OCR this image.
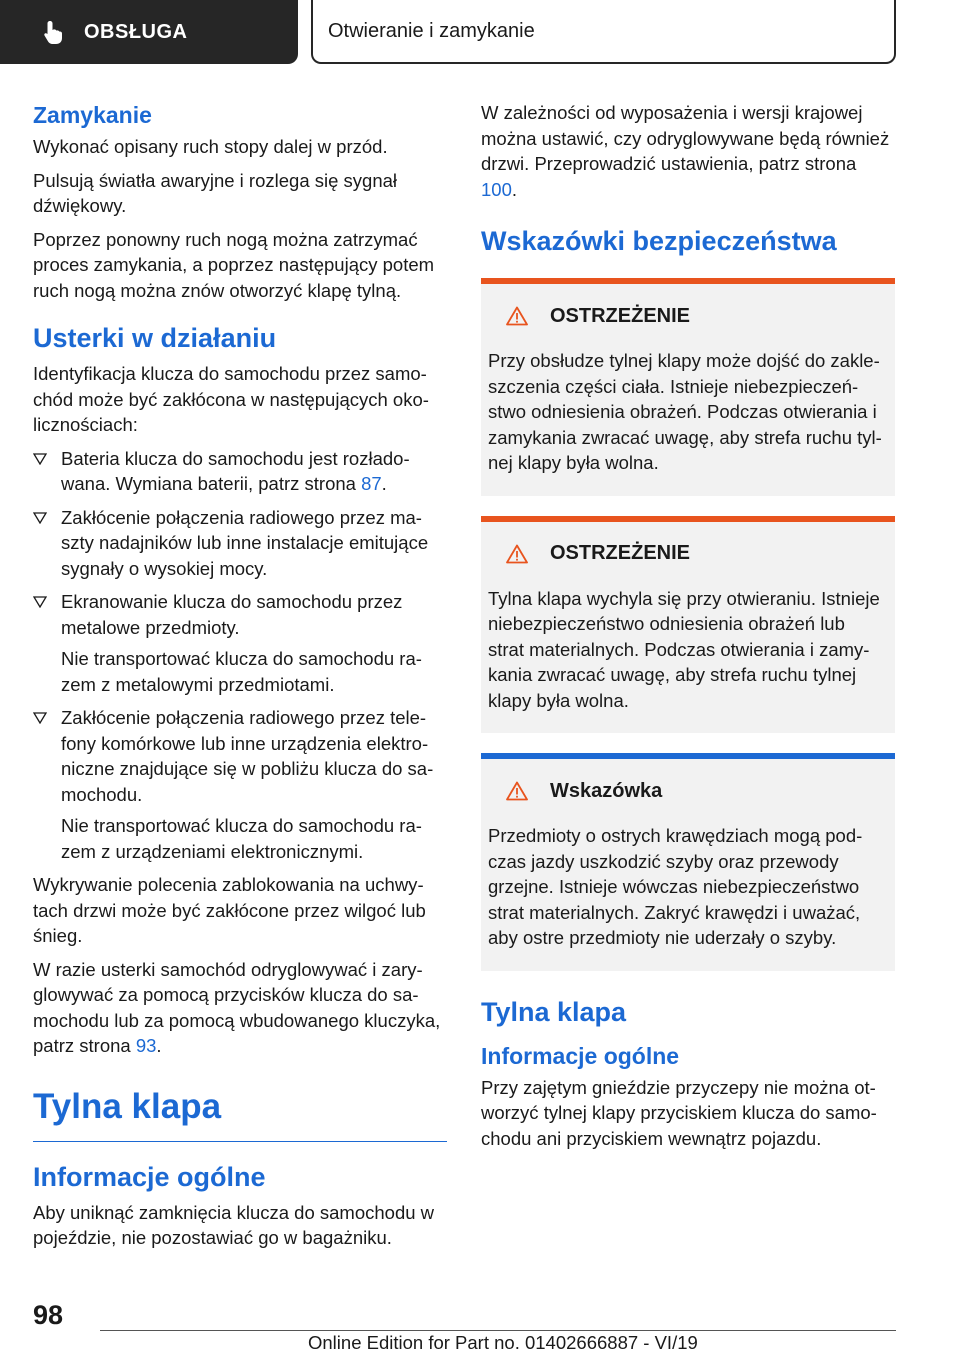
OBSŁUGA	Otwieranie i zamykanie
Zamykanie

Wykonać opisany ruch stopy dalej w przód.

Pulsują światła awaryjne i rozlega się sygnał dźwiękowy.

Poprzez ponowny ruch nogą można zatrzymać proces zamykania, a poprzez następujący potem ruch nogą można znów otworzyć klapę tylną.

Usterki w działaniu

Identyfikacja klucza do samochodu przez samochód może być zakłócona w następujących okolicznościach:

Bateria klucza do samochodu jest rozładowana. Wymiana baterii, patrz strona 87.

Zakłócenie połączenia radiowego przez maszty nadajników lub inne instalacje emitujące sygnały o wysokiej mocy.

Ekranowanie klucza do samochodu przez metalowe przedmioty.

Nie transportować klucza do samochodu razem z metalowymi przedmiotami.

Zakłócenie połączenia radiowego przez telefony komórkowe lub inne urządzenia elektroniczne znajdujące się w pobliżu klucza do samochodu.

Nie transportować klucza do samochodu razem z urządzeniami elektronicznymi.

Wykrywanie polecenia zablokowania na uchwytach drzwi może być zakłócone przez wilgoć lub śnieg.

W razie usterki samochód odryglowywać i zaryglowywać za pomocą przycisków klucza do samochodu lub za pomocą wbudowanego kluczyka, patrz strona 93.

Tylna klapa
Informacje ogólne

Aby uniknąć zamknięcia klucza do samochodu w pojeździe, nie pozostawiać go w bagażniku.

W zależności od wyposażenia i wersji krajowej można ustawić, czy odryglowywane będą również drzwi. Przeprowadzić ustawienia, patrz strona 100.

Wskazówki bezpieczeństwa
OSTRZEŻENIE

Przy obsłudze tylnej klapy może dojść do zakleszczenia części ciała. Istnieje niebezpieczeństwo odniesienia obrażeń. Podczas otwierania i zamykania zwracać uwagę, aby strefa ruchu tylnej klapy była wolna.

OSTRZEŻENIE

Tylna klapa wychyla się przy otwieraniu. Istnieje niebezpieczeństwo odniesienia obrażeń lub strat materialnych. Podczas otwierania i zamykania zwracać uwagę, aby strefa ruchu tylnej klapy była wolna.

Wskazówka

Przedmioty o ostrych krawędziach mogą podczas jazdy uszkodzić szyby oraz przewody grzejne. Istnieje wówczas niebezpieczeństwo strat materialnych. Zakryć krawędzi i uważać, aby ostre przedmioty nie uderzały o szyby.

Tylna klapa
Informacje ogólne

Przy zajętym gnieździe przyczepy nie można otworzyć tylnej klapy przyciskiem klucza do samochodu ani przyciskiem wewnątrz pojazdu.

98
Online Edition for Part no. 01402666887 - VI/19
